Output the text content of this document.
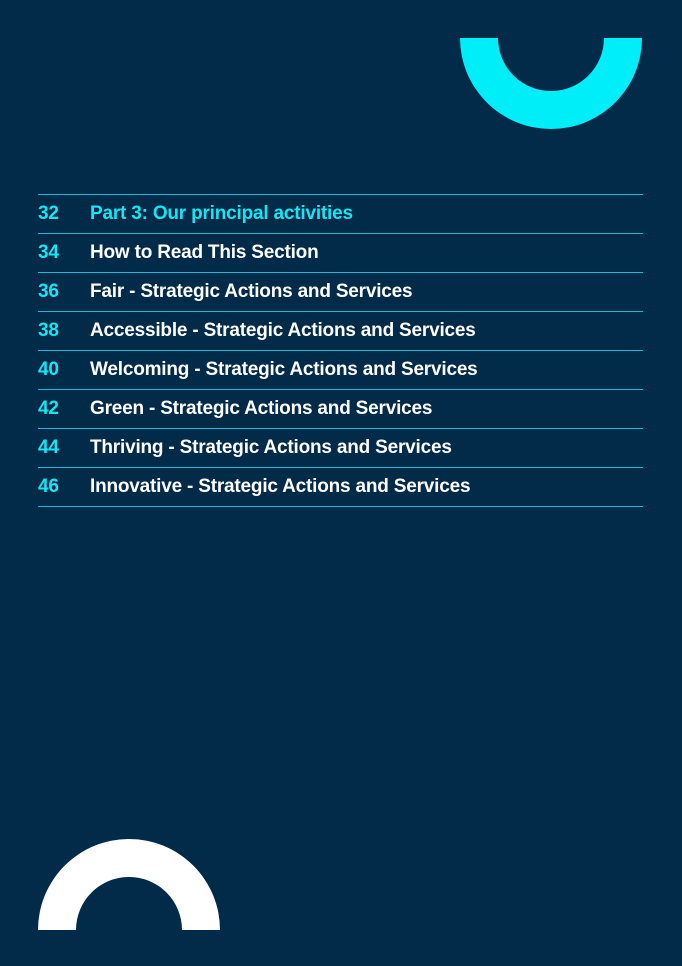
32	Part 3: Our principal activities
34	How to Read This Section
36	Fair - Strategic Actions and Services
38	Accessible - Strategic Actions and Services
40	Welcoming - Strategic Actions and Services
42	Green - Strategic Actions and Services
44	Thriving - Strategic Actions and Services
46	Innovative - Strategic Actions and Services
